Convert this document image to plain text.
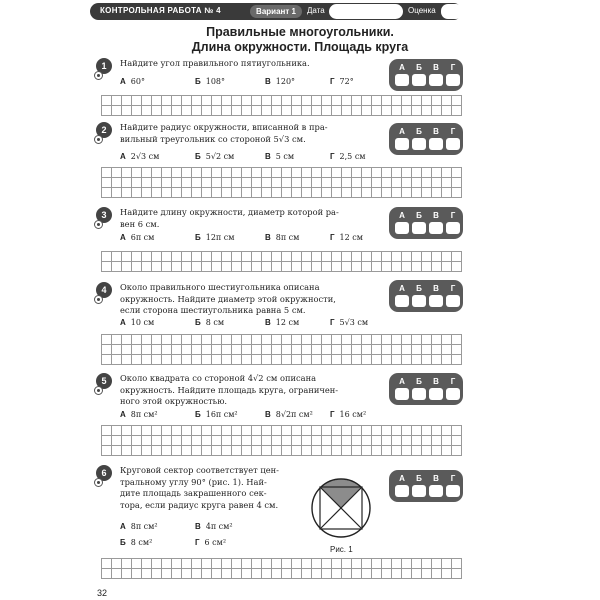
КОНТРОЛЬНАЯ РАБОТА № 4	Вариант 1	Дата	Оценка
Правильные многоугольники.
Длина окружности. Площадь круга
1	Найдите угол правильного пятиугольника.
А 60°	Б 108°	В 120°	Г 72°
А	Б	В	Г
2	Найдите радиус окружности, вписанной в пра-
вильный треугольник со стороной 5√3 см.
А 2√3 см	Б 5√2 см	В 5 см	Г 2,5 см
А	Б	В	Г
3	Найдите длину окружности, диаметр которой ра-
вен 6 см.
А 6π см	Б 12π см	В 8π см	Г 12 см
А	Б	В	Г
4	Около правильного шестиугольника описана
окружность. Найдите диаметр этой окружности,
если сторона шестиугольника равна 5 см.
А 10 см	Б 8 см	В 12 см	Г 5√3 см
А	Б	В	Г
5	Около квадрата со стороной 4√2 см описана
окружность. Найдите площадь круга, ограничен-
ного этой окружностью.
А 8π см²	Б 16π см²	В 8√2π см² Г 16 см²
А	Б	В	Г
6	Круговой сектор соответствует цен-
тральному углу 90° (рис. 1). Най-
дите площадь закрашенного сек-
тора, если радиус круга равен 4 см.
А 8π см²	В 4π см²
Б 8 см²	Г 6 см²
Рис. 1
А	Б	В	Г
32
